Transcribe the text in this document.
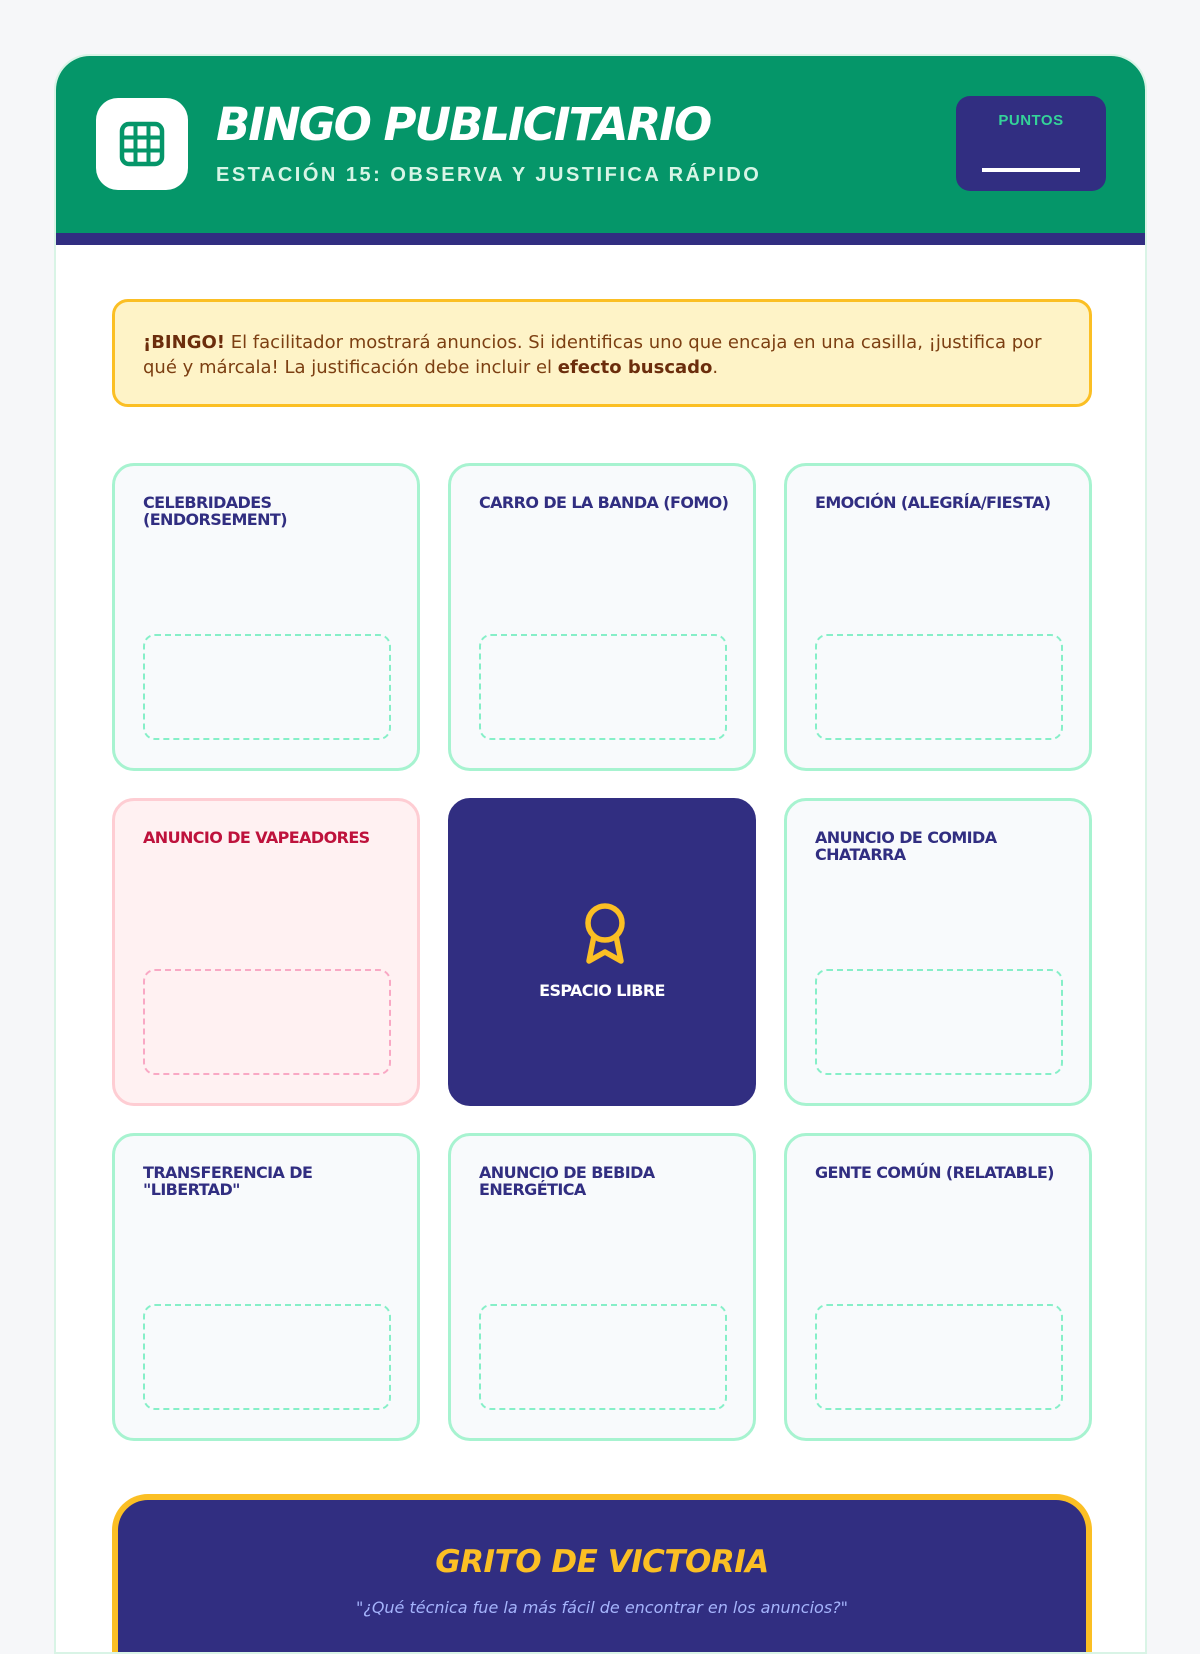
BINGO PUBLICITARIO

ESTACIÓN 15: OBSERVA Y JUSTIFICA RÁPIDO

PUNTOS
¡BINGO! El facilitador mostrará anuncios. Si identificas uno que encaja en una casilla, ¡justifica por qué y márcala! La justificación debe incluir el efecto buscado.
CELEBRIDADES (ENDORSEMENT)
CARRO DE LA BANDA (FOMO)	EMOCIÓN (ALEGRÍA/FIESTA)
ANUNCIO DE VAPEADORES
ESPACIO LIBRE
ANUNCIO DE COMIDA CHATARRA
TRANSFERENCIA DE "LIBERTAD"
ANUNCIO DE BEBIDA ENERGÉTICA
GENTE COMÚN (RELATABLE)
GRITO DE VICTORIA
"¿Qué técnica fue la más fácil de encontrar en los anuncios?"
